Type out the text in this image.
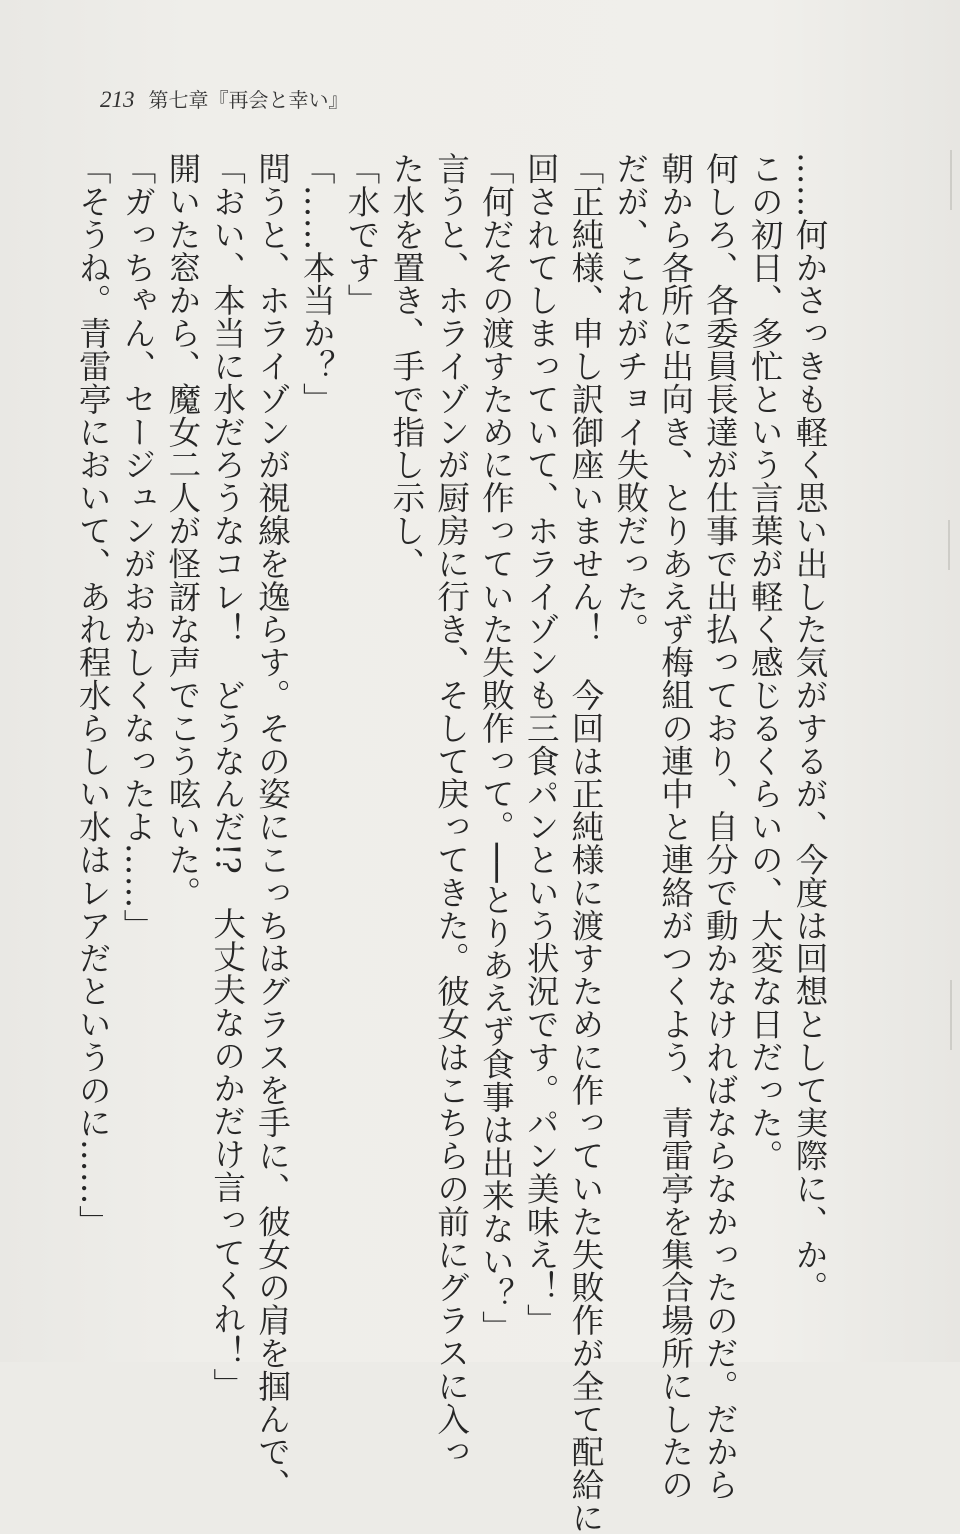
213 第七章『再会と幸い』

……何かさっきも軽く思い出した気がするが、今度は回想として実際に、か。

この初日、多忙という言葉が軽く感じるくらいの、大変な日だった。

何しろ、各委員長達が仕事で出払っており、自分で動かなければならなかったのだ。だから

朝から各所に出向き、とりあえず梅組の連中と連絡がつくよう、青雷亭を集合場所にしたの

だが、これがチョイ失敗だった。

「正純様、申し訳御座いません！　今回は正純様に渡すために作っていた失敗作が全て配給に

回されてしまっていて、ホライゾンも三食パンという状況です。パン美味え！」

「何だその渡すために作っていた失敗作って。──とりあえず食事は出来ない？」

言うと、ホライゾンが厨房に行き、そして戻ってきた。彼女はこちらの前にグラスに入っ

た水を置き、手で指し示し、

「水です」

「……本当か？」

問うと、ホライゾンが視線を逸らす。その姿にこっちはグラスを手に、彼女の肩を掴んで、

「おい、本当に水だろうなコレ！　どうなんだ!?　大丈夫なのかだけ言ってくれ！」

開いた窓から、魔女二人が怪訝な声でこう呟いた。

「ガっちゃん、セージュンがおかしくなったよ……」

「そうね。青雷亭において、あれ程水らしい水はレアだというのに……」
